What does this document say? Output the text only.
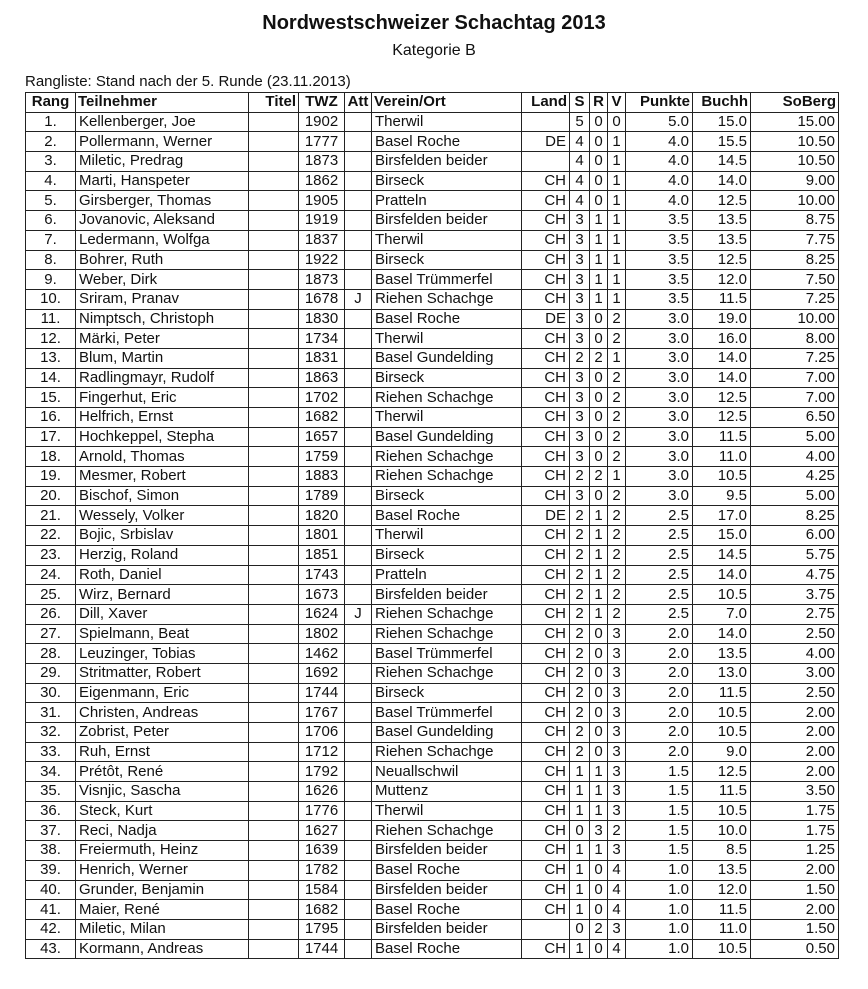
Nordwestschweizer Schachtag 2013
Kategorie B
Rangliste: Stand nach der 5. Runde (23.11.2013)
Rang	Teilnehmer	Titel	TWZ	Att	Verein/Ort	Land	S	R	V	Punkte	Buchh	SoBerg
1.	Kellenberger, Joe		1902		Therwil		5	0	0	5.0	15.0	15.00
2.	Pollermann, Werner		1777		Basel Roche	DE	4	0	1	4.0	15.5	10.50
3.	Miletic, Predrag		1873		Birsfelden beider		4	0	1	4.0	14.5	10.50
4.	Marti, Hanspeter		1862		Birseck	CH	4	0	1	4.0	14.0	9.00
5.	Girsberger, Thomas		1905		Pratteln	CH	4	0	1	4.0	12.5	10.00
6.	Jovanovic, Aleksand		1919		Birsfelden beider	CH	3	1	1	3.5	13.5	8.75
7.	Ledermann, Wolfga		1837		Therwil	CH	3	1	1	3.5	13.5	7.75
8.	Bohrer, Ruth		1922		Birseck	CH	3	1	1	3.5	12.5	8.25
9.	Weber, Dirk		1873		Basel Trümmerfel	CH	3	1	1	3.5	12.0	7.50
10.	Sriram, Pranav		1678	J	Riehen Schachge	CH	3	1	1	3.5	11.5	7.25
11.	Nimptsch, Christoph		1830		Basel Roche	DE	3	0	2	3.0	19.0	10.00
12.	Märki, Peter		1734		Therwil	CH	3	0	2	3.0	16.0	8.00
13.	Blum, Martin		1831		Basel Gundelding	CH	2	2	1	3.0	14.0	7.25
14.	Radlingmayr, Rudolf		1863		Birseck	CH	3	0	2	3.0	14.0	7.00
15.	Fingerhut, Eric		1702		Riehen Schachge	CH	3	0	2	3.0	12.5	7.00
16.	Helfrich, Ernst		1682		Therwil	CH	3	0	2	3.0	12.5	6.50
17.	Hochkeppel, Stepha		1657		Basel Gundelding	CH	3	0	2	3.0	11.5	5.00
18.	Arnold, Thomas		1759		Riehen Schachge	CH	3	0	2	3.0	11.0	4.00
19.	Mesmer, Robert		1883		Riehen Schachge	CH	2	2	1	3.0	10.5	4.25
20.	Bischof, Simon		1789		Birseck	CH	3	0	2	3.0	9.5	5.00
21.	Wessely, Volker		1820		Basel Roche	DE	2	1	2	2.5	17.0	8.25
22.	Bojic, Srbislav		1801		Therwil	CH	2	1	2	2.5	15.0	6.00
23.	Herzig, Roland		1851		Birseck	CH	2	1	2	2.5	14.5	5.75
24.	Roth, Daniel		1743		Pratteln	CH	2	1	2	2.5	14.0	4.75
25.	Wirz, Bernard		1673		Birsfelden beider	CH	2	1	2	2.5	10.5	3.75
26.	Dill, Xaver		1624	J	Riehen Schachge	CH	2	1	2	2.5	7.0	2.75
27.	Spielmann, Beat		1802		Riehen Schachge	CH	2	0	3	2.0	14.0	2.50
28.	Leuzinger, Tobias		1462		Basel Trümmerfel	CH	2	0	3	2.0	13.5	4.00
29.	Stritmatter, Robert		1692		Riehen Schachge	CH	2	0	3	2.0	13.0	3.00
30.	Eigenmann, Eric		1744		Birseck	CH	2	0	3	2.0	11.5	2.50
31.	Christen, Andreas		1767		Basel Trümmerfel	CH	2	0	3	2.0	10.5	2.00
32.	Zobrist, Peter		1706		Basel Gundelding	CH	2	0	3	2.0	10.5	2.00
33.	Ruh, Ernst		1712		Riehen Schachge	CH	2	0	3	2.0	9.0	2.00
34.	Prétôt, René		1792		Neuallschwil	CH	1	1	3	1.5	12.5	2.00
35.	Visnjic, Sascha		1626		Muttenz	CH	1	1	3	1.5	11.5	3.50
36.	Steck, Kurt		1776		Therwil	CH	1	1	3	1.5	10.5	1.75
37.	Reci, Nadja		1627		Riehen Schachge	CH	0	3	2	1.5	10.0	1.75
38.	Freiermuth, Heinz		1639		Birsfelden beider	CH	1	1	3	1.5	8.5	1.25
39.	Henrich, Werner		1782		Basel Roche	CH	1	0	4	1.0	13.5	2.00
40.	Grunder, Benjamin		1584		Birsfelden beider	CH	1	0	4	1.0	12.0	1.50
41.	Maier, René		1682		Basel Roche	CH	1	0	4	1.0	11.5	2.00
42.	Miletic, Milan		1795		Birsfelden beider		0	2	3	1.0	11.0	1.50
43.	Kormann, Andreas		1744		Basel Roche	CH	1	0	4	1.0	10.5	0.50
